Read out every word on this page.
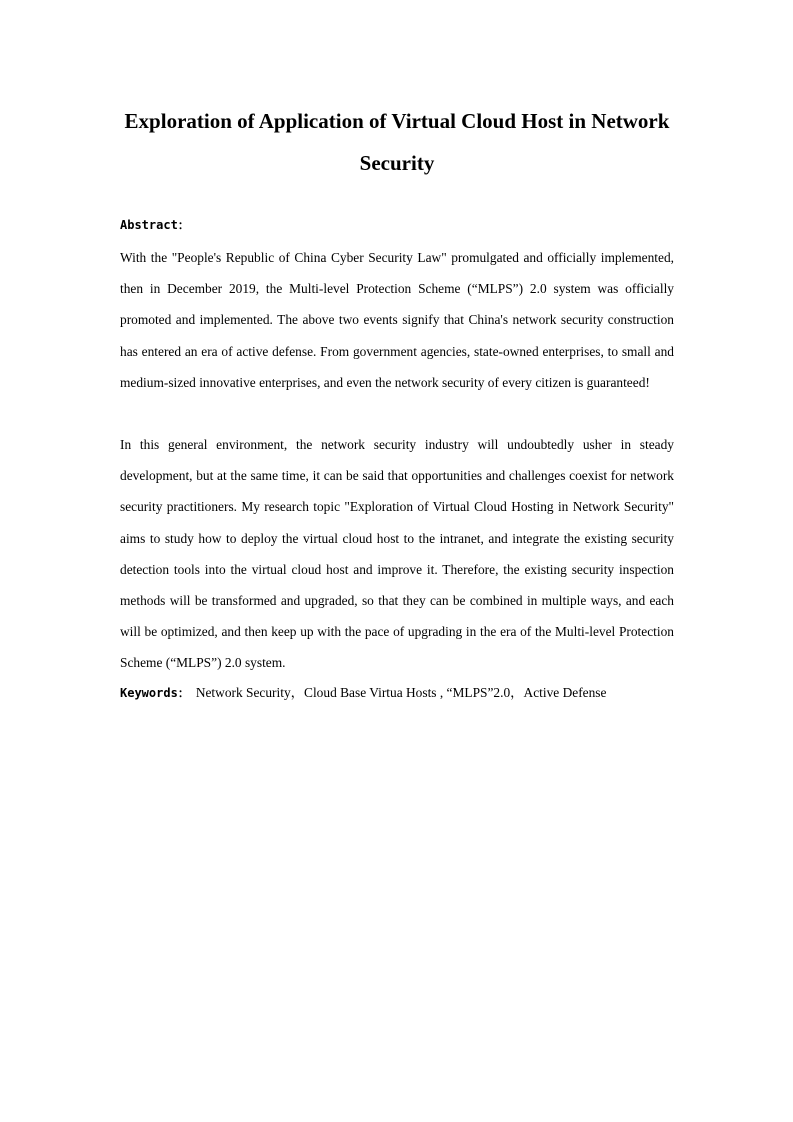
Exploration of Application of Virtual Cloud Host in Network Security
Abstract：

With the "People's Republic of China Cyber Security Law" promulgated and officially implemented, then in December 2019, the Multi-level Protection Scheme (“MLPS”) 2.0 system was officially promoted and implemented. The above two events signify that China's network security construction has entered an era of active defense. From government agencies, state-owned enterprises, to small and medium-sized innovative enterprises, and even the network security of every citizen is guaranteed!

In this general environment, the network security industry will undoubtedly usher in steady development, but at the same time, it can be said that opportunities and challenges coexist for network security practitioners. My research topic "Exploration of Virtual Cloud Hosting in Network Security" aims to study how to deploy the virtual cloud host to the intranet, and integrate the existing security detection tools into the virtual cloud host and improve it. Therefore, the existing security inspection methods will be transformed and upgraded, so that they can be combined in multiple ways, and each will be optimized, and then keep up with the pace of upgrading in the era of the Multi-level Protection Scheme (“MLPS”) 2.0 system.

Keywords： Network Security，Cloud Base Virtua Hosts , “MLPS”2.0，Active Defense
